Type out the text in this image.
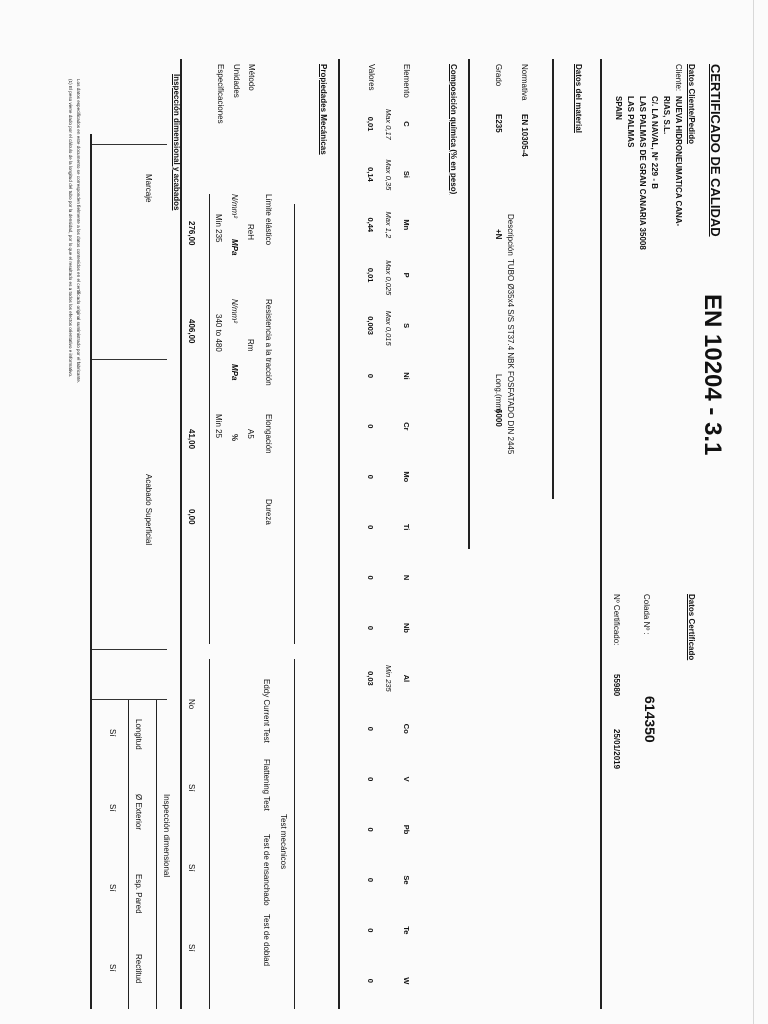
CERTIFICADO DE CALIDAD
EN 10204 - 3.1
Datos Cliente/Pedido
Cliente:
NUEVA HIDRONEUMATICA CANA-
RIAS, S.L.
C/. LA NAVAL, Nº 229 - B
LAS PALMAS DE GRAN CANARIA 35008
LAS PALMAS
SPAIN
Datos Certificado
Colada Nº :
614350
Nº Certificado:
55980
25/01/2019
Datos del material
Normativa
EN 10305-4
Descripción
TUBO Ø35x4 S/S ST37.4 NBK FOSFATADO DIN 2445
Grado
E235
+N
Long.(mm)
6000
Composición química (% en peso)
Elemento
Valores
C
Max 0,17
0,01
Si
Max 0,35
0,14
Mn
Max 1,2
0,44
P
Max 0,025
0,01
S
Max 0,015
0,003
Ni
0
Cr
0
Mo
0
Ti
0
N
0
Nb
0
Al
Min 235
0,03
Co
0
V
0
Pb
0
Se
0
Te
0
W
0
Propiedades Mecánicas
Método
Unidades
Especificaciones
Límite elástico
Resistencia a la tracción
Elongación
Dureza
ReH
Rm
A5
N/mm²
MPa
N/mm²
MPa
%
Min 235
340 to 480
Min 25
276,00
406,00
41,00
0,00
Test mecánicos
Eddy Current Test
Flattening Test
Test de ensanchado
Test de doblad
No
Sí
Sí
Sí
Inspección dimensional y acabados
Marcaje
Acabado Superficial
Inspección dimensional
Longitud
Ø Exterior
Esp. Pared
Rectitud
Sí
Sí
Sí
Sí
Los datos especificados en este documento se corresponden fielmente a los datos contenidos en el certificado original suministrado por el fabricante.
(1) El peso viene dado por el cálculo de la longitud del tubo por la densidad, por lo que el resultado es a todos los efectos orientativo e informativo.
